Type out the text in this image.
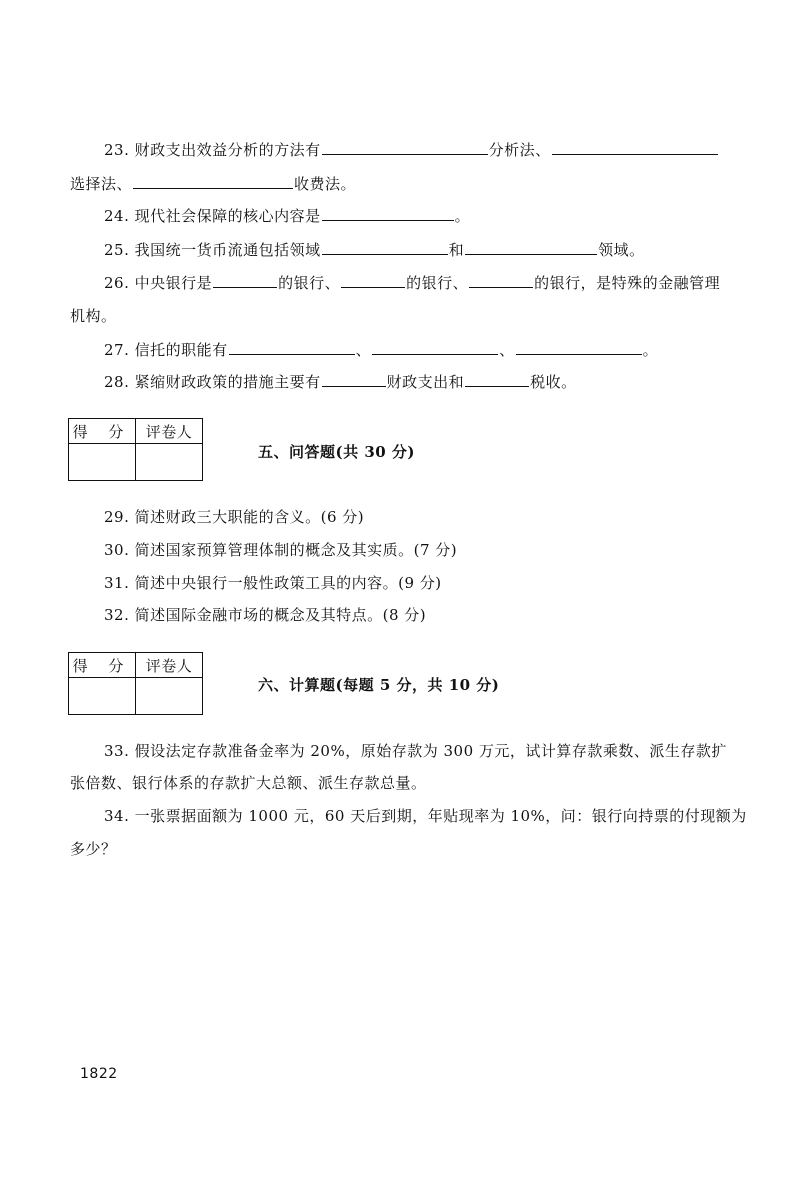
23. 财政支出效益分析的方法有	分析法、
选择法、	收费法。
24. 现代社会保障的核心内容是	。
25. 我国统一货币流通包括领域	和	领域。
26. 中央银行是	的银行、	的银行、	的银行，是特殊的金融管理
机构。
27. 信托的职能有	、	、	。
28. 紧缩财政政策的措施主要有	财政支出和	税收。
得 分	评卷人

五、问答题(共 30 分)
29. 简述财政三大职能的含义。(6 分)
30. 简述国家预算管理体制的概念及其实质。(7 分)
31. 简述中央银行一般性政策工具的内容。(9 分)
32. 简述国际金融市场的概念及其特点。(8 分)
得 分	评卷人

六、计算题(每题 5 分，共 10 分)
33. 假设法定存款准备金率为 20%，原始存款为 300 万元，试计算存款乘数、派生存款扩
张倍数、银行体系的存款扩大总额、派生存款总量。
34. 一张票据面额为 1000 元，60 天后到期，年贴现率为 10%，问：银行向持票的付现额为
多少？
1822
